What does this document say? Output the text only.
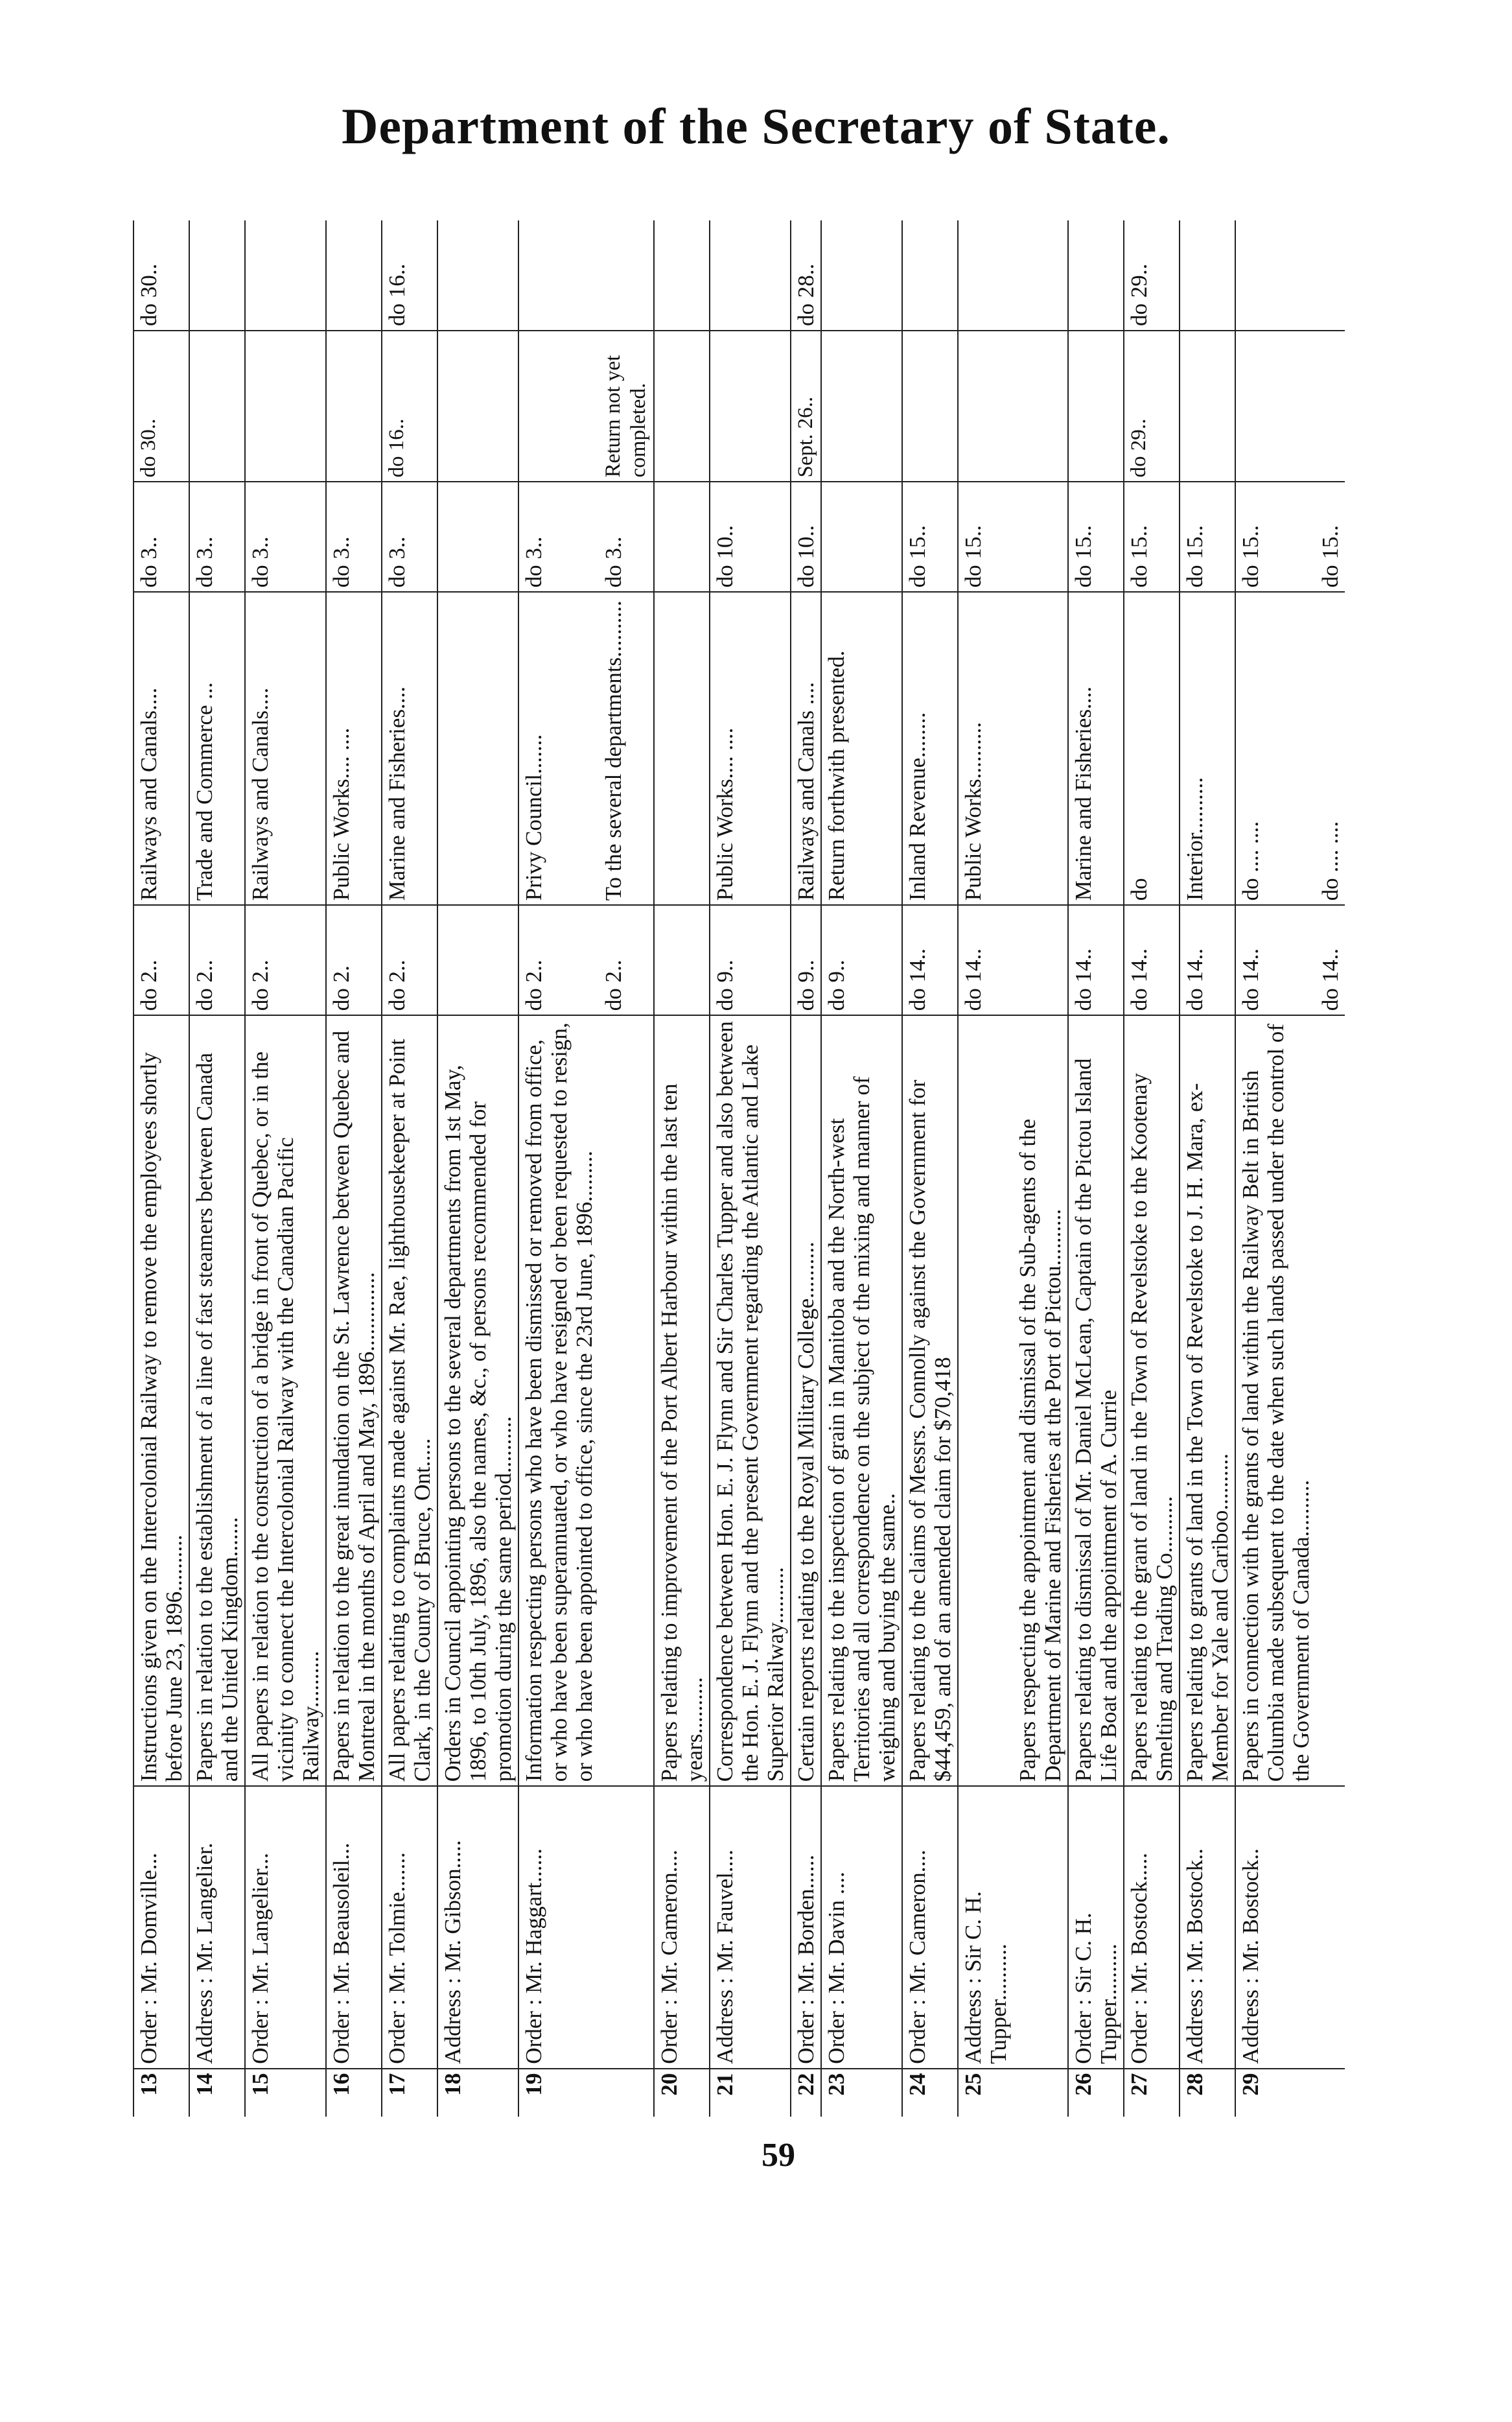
Department of the Secretary of State.
13	Order : Mr. Domville...	Instructions given on the Intercolonial Railway to remove the employees shortly before June 23, 1896..........	do 2..	Railways and Canals....	do 3..	do 30..	do 30..
14	Address : Mr. Langelier.	Papers in relation to the establishment of a line of fast steamers between Canada and the United Kingdom.......	do 2..	Trade and Commerce ...	do 3..		
15	Order : Mr. Langelier...	All papers in relation to the construction of a bridge in front of Quebec, or in the vicinity to connect the Intercolonial Railway with the Canadian Pacific Railway..........	do 2..	Railways and Canals....	do 3..		
16	Order : Mr. Beausoleil...	Papers in relation to the great inundation on the St. Lawrence between Quebec and Montreal in the months of April and May, 1896..............	do 2.	Public Works.... ....	do 3..		
17	Order : Mr. Tolmie.......	All papers relating to complaints made against Mr. Rae, lighthousekeeper at Point Clark, in the County of Bruce, Ont.....	do 2..	Marine and Fisheries....	do 3..	do 16..	do 16..
18	Address : Mr. Gibson.....	Orders in Council appointing persons to the several departments from 1st May, 1896, to 10th July, 1896, also the names, &c., of persons recommended for promotion during the same period..........					
19	Order : Mr. Haggart......	Information respecting persons who have been dismissed or removed from office, or who have been superannuated, or who have resigned or been requested to resign, or who have been appointed to office, since the 23rd June, 1896.........	do 2..	Privy Council.......	do 3..		
			do 2..	To the several departments..........	do 3..	Return not yet completed.	
20	Order : Mr. Cameron....	Papers relating to improvement of the Port Albert Harbour within the last ten years..........					
21	Address : Mr. Fauvel....	Correspondence between Hon. E. J. Flynn and Sir Charles Tupper and also between the Hon. E. J. Flynn and the present Government regarding the Atlantic and Lake Superior Railway..........	do 9..	Public Works.... ....	do 10..		
22	Order : Mr. Borden......	Certain reports relating to the Royal Military College..........	do 9..	Railways and Canals ....	do 10..	Sept. 26..	do 28..
23	Order : Mr. Davin ....	Papers relating to the inspection of grain in Manitoba and the North-west Territories and all correspondence on the subject of the mixing and manner of weighing and buying the same..	do 9..	Return forthwith presented.			
24	Order : Mr. Cameron....	Papers relating to the claims of Messrs. Connolly against the Government for $44,459, and of an amended claim for $70,418	do 14..	Inland Revenue........	do 15..		
25	Address : Sir C. H. Tupper..........		do 14..	Public Works..........	do 15..		
		Papers respecting the appointment and dismissal of the Sub-agents of the Department of Marine and Fisheries at the Port of Pictou..........					
26	Order : Sir C. H. Tupper..........	Papers relating to dismissal of Mr. Daniel McLean, Captain of the Pictou Island Life Boat and the appointment of A. Currie	do 14..	Marine and Fisheries....	do 15..		
27	Order : Mr. Bostock.....	Papers relating to the grant of land in the Town of Revelstoke to the Kootenay Smelting and Trading Co..........	do 14..	do	do 15..	do 29..	do 29..
28	Address : Mr. Bostock..	Papers relating to grants of land in the Town of Revelstoke to J. H. Mara, ex-Member for Yale and Cariboo..........	do 14..	Interior..........	do 15..		
29	Address : Mr. Bostock..	Papers in connection with the grants of land within the Railway Belt in British Columbia made subsequent to the date when such lands passed under the control of the Government of Canada..........	do 14..	do .... ....	do 15..		
			do 14..	do .... ....	do 15..		
59
